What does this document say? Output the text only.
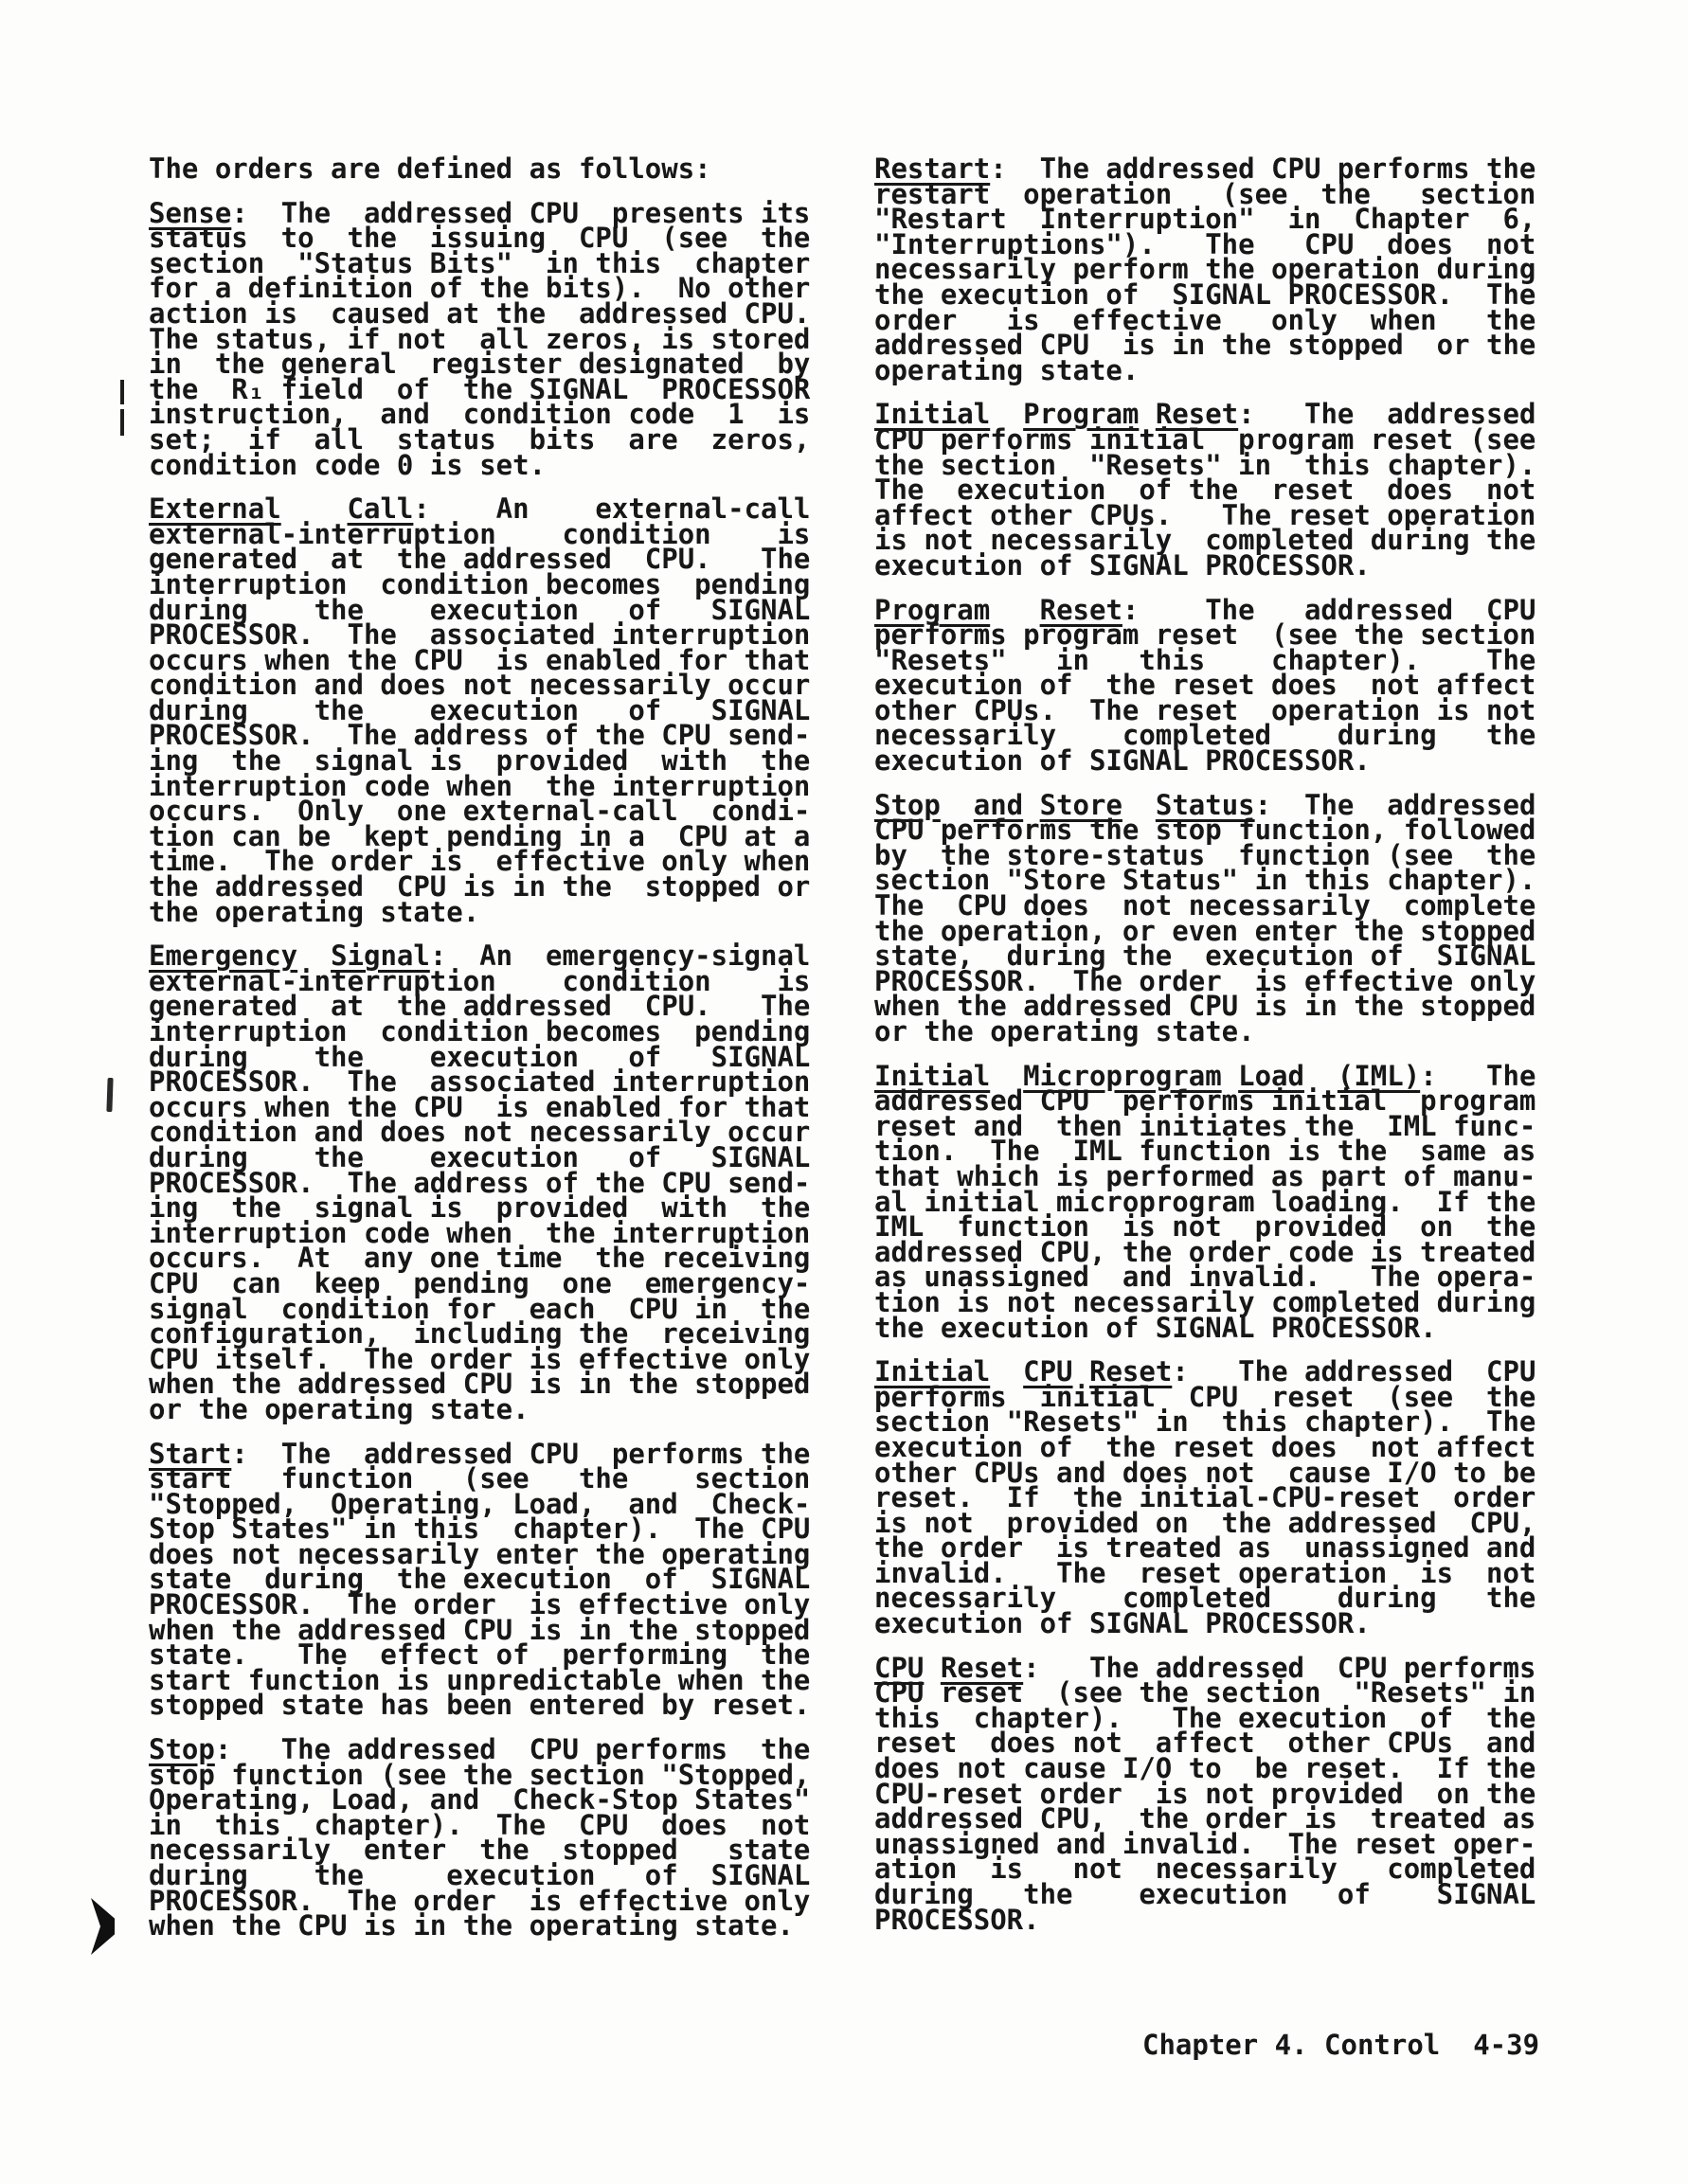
The orders are defined as follows:
Sense:  The  addressed CPU  presents its
status  to  the  issuing  CPU  (see  the
section  "Status Bits"  in this  chapter
for a definition of the bits).  No other
action is  caused at the  addressed CPU.
The status, if not  all zeros, is stored
in  the general  register designated  by
the  R₁ field  of  the SIGNAL  PROCESSOR
instruction,  and  condition code  1  is
set;  if  all  status  bits  are  zeros,
condition code 0 is set.
External Call:    An    external-call
external-interruption    condition    is
generated  at  the addressed  CPU.   The
interruption  condition becomes  pending
during    the    execution   of   SIGNAL
PROCESSOR.  The  associated interruption
occurs when the CPU  is enabled for that
condition and does not necessarily occur
during    the    execution   of   SIGNAL
PROCESSOR.  The address of the CPU send-
ing  the  signal is  provided  with  the
interruption code when  the interruption
occurs.  Only  one external-call  condi-
tion can be  kept pending in a  CPU at a
time.  The order is  effective only when
the addressed  CPU is in the  stopped or
the operating state.
Emergency Signal:  An  emergency-signal
external-interruption    condition    is
generated  at  the addressed  CPU.   The
interruption  condition becomes  pending
during    the    execution   of   SIGNAL
PROCESSOR.  The  associated interruption
occurs when the CPU  is enabled for that
condition and does not necessarily occur
during    the    execution   of   SIGNAL
PROCESSOR.  The address of the CPU send-
ing  the  signal is  provided  with  the
interruption code when  the interruption
occurs.  At  any one time  the receiving
CPU  can  keep  pending  one  emergency-
signal  condition for  each  CPU in  the
configuration,  including the  receiving
CPU itself.  The order is effective only
when the addressed CPU is in the stopped
or the operating state.
Start:  The  addressed CPU  performs the
start   function   (see   the    section
"Stopped,  Operating, Load,  and  Check-
Stop States" in this  chapter).  The CPU
does not necessarily enter the operating
state  during  the execution  of  SIGNAL
PROCESSOR.  The order  is effective only
when the addressed CPU is in the stopped
state.   The  effect of  performing  the
start function is unpredictable when the
stopped state has been entered by reset.
Stop:   The addressed  CPU performs  the
stop function (see the section "Stopped,
Operating, Load, and  Check-Stop States"
in  this  chapter).  The  CPU  does  not
necessarily  enter  the  stopped   state
during    the     execution   of  SIGNAL
PROCESSOR.  The order  is effective only
when the CPU is in the operating state.
Restart:  The addressed CPU performs the
restart  operation   (see  the   section
"Restart  Interruption"  in  Chapter  6,
"Interruptions").   The   CPU  does  not
necessarily perform the operation during
the execution of  SIGNAL PROCESSOR.  The
order   is  effective   only  when   the
addressed CPU  is in the stopped  or the
operating state.
Initial Program Reset:   The  addressed
CPU performs initial  program reset (see
the section  "Resets" in  this chapter).
The  execution  of the  reset  does  not
affect other CPUs.   The reset operation
is not necessarily  completed during the
execution of SIGNAL PROCESSOR.
Program Reset:    The   addressed  CPU
performs program reset  (see the section
"Resets"   in   this    chapter).    The
execution of  the reset does  not affect
other CPUs.  The reset  operation is not
necessarily    completed    during   the
execution of SIGNAL PROCESSOR.
Stop and Store Status:  The  addressed
CPU performs the stop function, followed
by  the store-status  function (see  the
section "Store Status" in this chapter).
The  CPU does  not necessarily  complete
the operation, or even enter the stopped
state,  during the  execution of  SIGNAL
PROCESSOR.  The order  is effective only
when the addressed CPU is in the stopped
or the operating state.
Initial Microprogram Load (IML):   The
addressed CPU  performs initial  program
reset and  then initiates the  IML func-
tion.  The  IML function is the  same as
that which is performed as part of manu-
al initial microprogram loading.  If the
IML  function  is not  provided  on  the
addressed CPU, the order code is treated
as unassigned  and invalid.   The opera-
tion is not necessarily completed during
the execution of SIGNAL PROCESSOR.
Initial CPU Reset:   The addressed  CPU
performs  initial  CPU  reset  (see  the
section "Resets" in  this chapter).  The
execution of  the reset does  not affect
other CPUs and does not  cause I/O to be
reset.  If  the initial-CPU-reset  order
is not  provided on  the addressed  CPU,
the order  is treated as  unassigned and
invalid.   The  reset operation  is  not
necessarily    completed    during   the
execution of SIGNAL PROCESSOR.
CPU Reset:   The addressed  CPU performs
CPU reset  (see the section  "Resets" in
this  chapter).   The execution  of  the
reset  does not  affect  other CPUs  and
does not cause I/O to  be reset.  If the
CPU-reset order  is not provided  on the
addressed CPU,  the order is  treated as
unassigned and invalid.  The reset oper-
ation  is   not  necessarily   completed
during   the    execution   of    SIGNAL
PROCESSOR.
Chapter 4. Control  4-39
